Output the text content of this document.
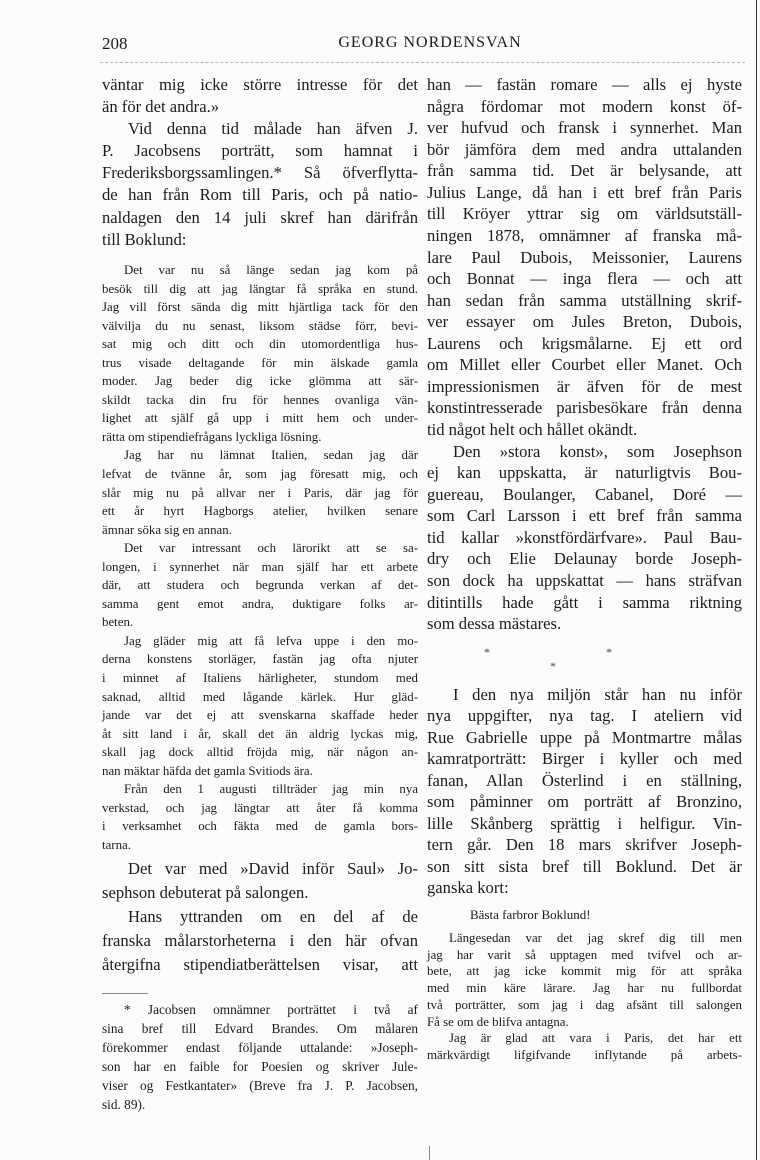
208	GEORG NORDENSVAN
väntar mig icke större intresse för det
än för det andra.»
Vid denna tid målade han äfven J.
P. Jacobsens porträtt, som hamnat i
Frederiksborgssamlingen.* Så öfverflytta-
de han från Rom till Paris, och på natio-
naldagen den 14 juli skref han därifrån
till Boklund:
Det var nu så länge sedan jag kom på
besök till dig att jag längtar få språka en stund.
Jag vill först sända dig mitt hjärtliga tack för den
välvilja du nu senast, liksom städse förr, bevi-
sat mig och ditt och din utomordentliga hus-
trus visade deltagande för min älskade gamla
moder. Jag beder dig icke glömma att sär-
skildt tacka din fru för hennes ovanliga vän-
lighet att själf gå upp i mitt hem och under-
rätta om stipendiefrågans lyckliga lösning.
Jag har nu lämnat Italien, sedan jag där
lefvat de tvänne år, som jag föresatt mig, och
slår mig nu på allvar ner i Paris, där jag för
ett år hyrt Hagborgs atelier, hvilken senare
ämnar söka sig en annan.
Det var intressant och lärorikt att se sa-
longen, i synnerhet när man själf har ett arbete
där, att studera och begrunda verkan af det-
samma gent emot andra, duktigare folks ar-
beten.
Jag gläder mig att få lefva uppe i den mo-
derna konstens storläger, fastän jag ofta njuter
i minnet af Italiens härligheter, stundom med
saknad, alltid med lågande kärlek. Hur gläd-
jande var det ej att svenskarna skaffade heder
åt sitt land i år, skall det än aldrig lyckas mig,
skall jag dock alltid fröjda mig, när någon an-
nan mäktar häfda det gamla Svitiods ära.
Från den 1 augusti tillträder jag min nya
verkstad, och jag längtar att åter få komma
i verksamhet och fäkta med de gamla bors-
tarna.
Det var med »David inför Saul» Jo-
sephson debuterat på salongen.
Hans yttranden om en del af de
franska målarstorheterna i den här ofvan
återgifna stipendiatberättelsen visar, att
* Jacobsen omnämner porträttet i två af
sina bref till Edvard Brandes. Om målaren
förekommer endast följande uttalande: »Joseph-
son har en faible for Poesien og skriver Jule-
viser og Festkantater» (Breve fra J. P. Jacobsen,
sid. 89).
han — fastän romare — alls ej hyste
några fördomar mot modern konst öf-
ver hufvud och fransk i synnerhet. Man
bör jämföra dem med andra uttalanden
från samma tid. Det är belysande, att
Julius Lange, då han i ett bref från Paris
till Kröyer yttrar sig om världsutställ-
ningen 1878, omnämner af franska må-
lare Paul Dubois, Meissonier, Laurens
och Bonnat — inga flera — och att
han sedan från samma utställning skrif-
ver essayer om Jules Breton, Dubois,
Laurens och krigsmålarne. Ej ett ord
om Millet eller Courbet eller Manet. Och
impressionismen är äfven för de mest
konstintresserade parisbesökare från denna
tid något helt och hållet okändt.
Den »stora konst», som Josephson
ej kan uppskatta, är naturligtvis Bou-
guereau, Boulanger, Cabanel, Doré —
som Carl Larsson i ett bref från samma
tid kallar »konstfördärfvare». Paul Bau-
dry och Elie Delaunay borde Joseph-
son dock ha uppskattat — hans sträfvan
ditintills hade gått i samma riktning
som dessa mästares.
*
*
*
I den nya miljön står han nu inför
nya uppgifter, nya tag. I ateliern vid
Rue Gabrielle uppe på Montmartre målas
kamratporträtt: Birger i kyller och med
fanan, Allan Österlind i en ställning,
som påminner om porträtt af Bronzino,
lille Skånberg sprättig i helfigur. Vin-
tern går. Den 18 mars skrifver Joseph-
son sitt sista bref till Boklund. Det är
ganska kort:
Bästa farbror Boklund!
Längesedan var det jag skref dig till men
jag har varit så upptagen med tvifvel och ar-
bete, att jag icke kommit mig för att språka
med min käre lärare. Jag har nu fullbordat
två porträtter, som jag i dag afsänt till salongen
Få se om de blifva antagna.
Jag är glad att vara i Paris, det har ett
märkvärdigt lifgifvande inflytande på arbets-
